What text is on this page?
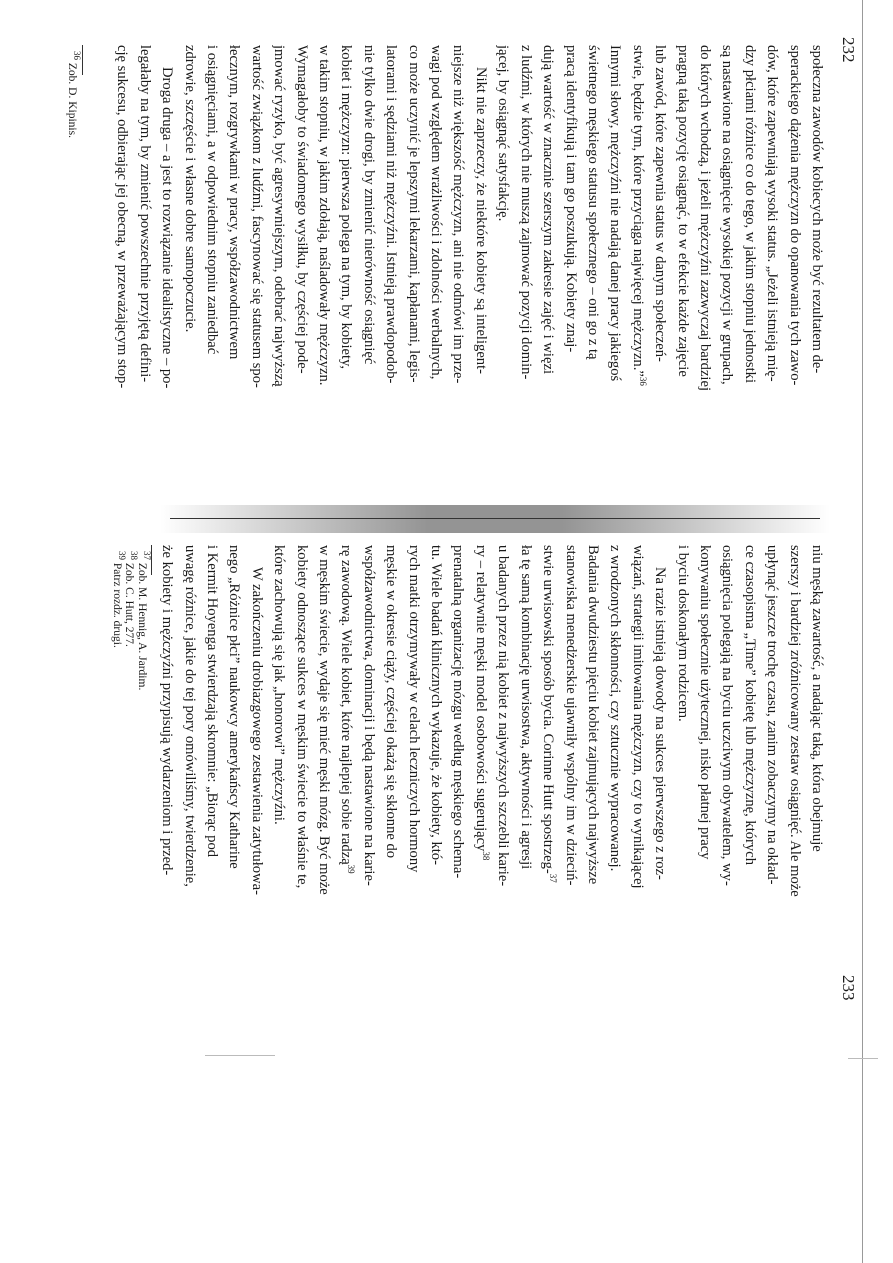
społeczna zawodów kobiecych może być rezultatem de-
sperackiego dążenia mężczyzn do opanowania tych zawo-
dów, które zapewniają wysoki status. „Jeżeli istnieją mię-
dzy płciami różnice co do tego, w jakim stopniu jednostki
są nastawione na osiągnięcie wysokiej pozycji w grupach,
do których wchodzą, i jeżeli mężczyźni zazwyczaj bardziej
pragną taką pozycję osiągnąć, to w efekcie każde zajęcie
lub zawód, które zapewnia status w danym społeczeń-
stwie, będzie tym, które przyciąga najwięcej mężczyzn.”$^{36}$
Innymi słowy, mężczyźni nie nadają danej pracy jakiegoś
świetnego męskiego statusu społecznego – oni go z tą
pracą identyfikują i tam go poszukują. Kobiety znaj-
dują wartość w znacznie szerszym zakresie zajęć i więzi
z ludźmi, w których nie muszą zajmować pozycji domin-
jącej, by osiągnąć satysfakcję.
Nikt nie zaprzeczy, że niektóre kobiety są inteligent-
niejsze niż większość mężczyzn, ani nie odmówi im prze-
wagi pod względem wrażliwości i zdolności werbalnych,
co może uczynić je lepszymi lekarzami, kapłanami, legis-
latorami i sędziami niż mężczyźni. Istnieją prawdopodob-
nie tylko dwie drogi, by zmienić nierówność osiągnięć
kobiet i mężczyzn: pierwsza polega na tym, by kobiety,
w takim stopniu, w jakim zdołają, naśladowały mężczyzn.
Wymagałoby to świadomego wysiłku, by częściej pode-
jmować ryzyko, być agresywniejszym, odebrać najwyższą
wartość związkom z ludźmi, fascynować się statusem spo-
łecznym, rozgrywkami w pracy, współzawodnictwem
i osiągnięciami, a w odpowiednim stopniu zaniedbać
zdrowie, szczęście i własne dobre samopoczucie.
Droga druga – a jest to rozwiązanie idealistyczne – po-
legałaby na tym, by zmienić powszechnie przyjętą defini-
cję sukcesu, odbierając jej obecną, w przeważającym stop-

$^{36}$ Zob. D. Kipinis.

232
niu męską zawartość, a nadając taką, która obejmuje
szerszy i bardziej zróżnicowany zestaw osiągnięć. Ale może
upłynąć jeszcze trochę czasu, zanim zobaczymy na okład-
ce czasopisma „Time” kobietę lub mężczyznę, których
osiągnięcia polegają na byciu uczciwym obywatelem, wy-
konywaniu społecznie użytecznej, nisko płatnej pracy
i byciu doskonałym rodzicem.
Na razie istnieją dowody na sukces pierwszego z roz-
wiązań, strategii imitowania mężczyzn, czy to wynikającej
z wrodzonych skłonności, czy sztucznie wypracowanej.
Badania dwudziestu pięciu kobiet zajmujących najwyższe
stanowiska menedżerskie ujawniły wspólny im w dzieciń-
stwie urwisowski sposób bycia. Corinne Hutt spostrzeg-$^{37}$
ła tę samą kombinację urwisostwa, aktywności i agresji
u badanych przez nią kobiet z najwyższych szczebli karie-
ry – relatywnie męski model osobowości sugerujący$^{38}$
prenatalną organizację mózgu według męskiego schema-
tu. Wiele badań klinicznych wykazuje, że kobiety, któ-
rych matki otrzymywały w celach leczniczych hormony
męskie w okresie ciąży, częściej okażą się skłonne do
współzawodnictwa, dominacji i będą nastawione na karie-
rę zawodową. Wiele kobiet, które najlepiej sobie radzą$^{39}$
w męskim świecie, wydaje się mieć męski mózg. Być może
kobiety odnoszące sukces w męskim świecie to właśnie te,
które zachowują się jak „honorowi” mężczyźni.
W zakończeniu drobiazgowego zestawienia zatytułowa-
nego „Różnice płci” naukowcy amerykańscy Katharine
i Kermit Hoyenga stwierdzają skromnie: „Biorąc pod
uwagę różnice, jakie do tej pory omówiliśmy, twierdzenie,
że kobiety i mężczyźni przypisują wydarzeniom i przed-

$^{37}$ Zob. M. Hennig, A. Jardim.

$^{38}$ Zob. C. Hutt, 277.

$^{39}$ Patrz rozdz. drugi.

233
